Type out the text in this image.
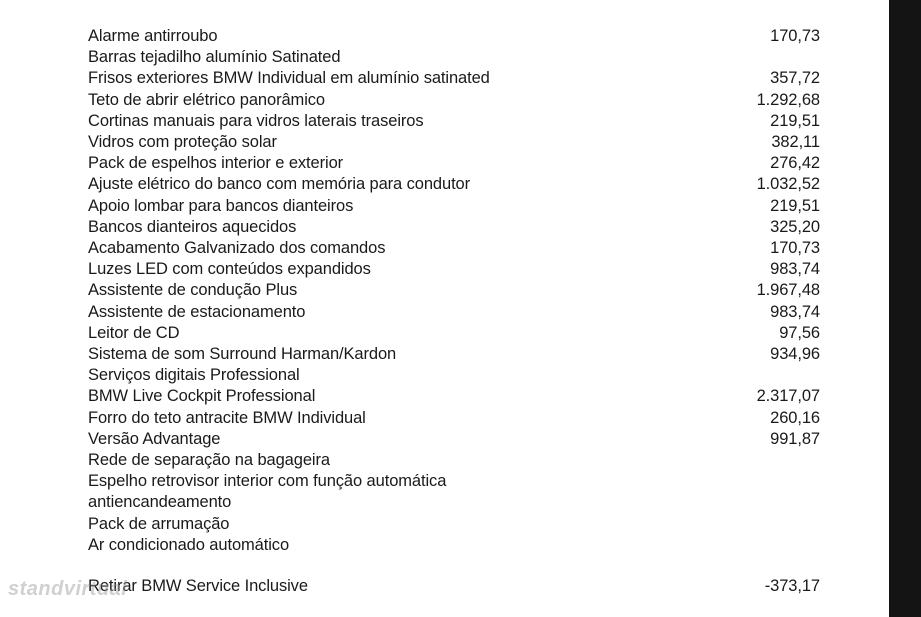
Alarme antirroubo	170,73
Barras tejadilho alumínio Satinated
Frisos exteriores BMW Individual em alumínio satinated	357,72
Teto de abrir elétrico panorâmico	1.292,68
Cortinas manuais para vidros laterais traseiros	219,51
Vidros com proteção solar	382,11
Pack de espelhos interior e exterior	276,42
Ajuste elétrico do banco com memória para condutor	1.032,52
Apoio lombar para bancos dianteiros	219,51
Bancos dianteiros aquecidos	325,20
Acabamento Galvanizado dos comandos	170,73
Luzes LED com conteúdos expandidos	983,74
Assistente de condução Plus	1.967,48
Assistente de estacionamento	983,74
Leitor de CD	97,56
Sistema de som Surround Harman/Kardon	934,96
Serviços digitais Professional
BMW Live Cockpit Professional	2.317,07
Forro do teto antracite BMW Individual	260,16
Versão Advantage	991,87
Rede de separação na bagageira
Espelho retrovisor interior com função automática
antiencandeamento
Pack de arrumação
Ar condicionado automático
Retirar BMW Service Inclusive	-373,17
standvirtual
